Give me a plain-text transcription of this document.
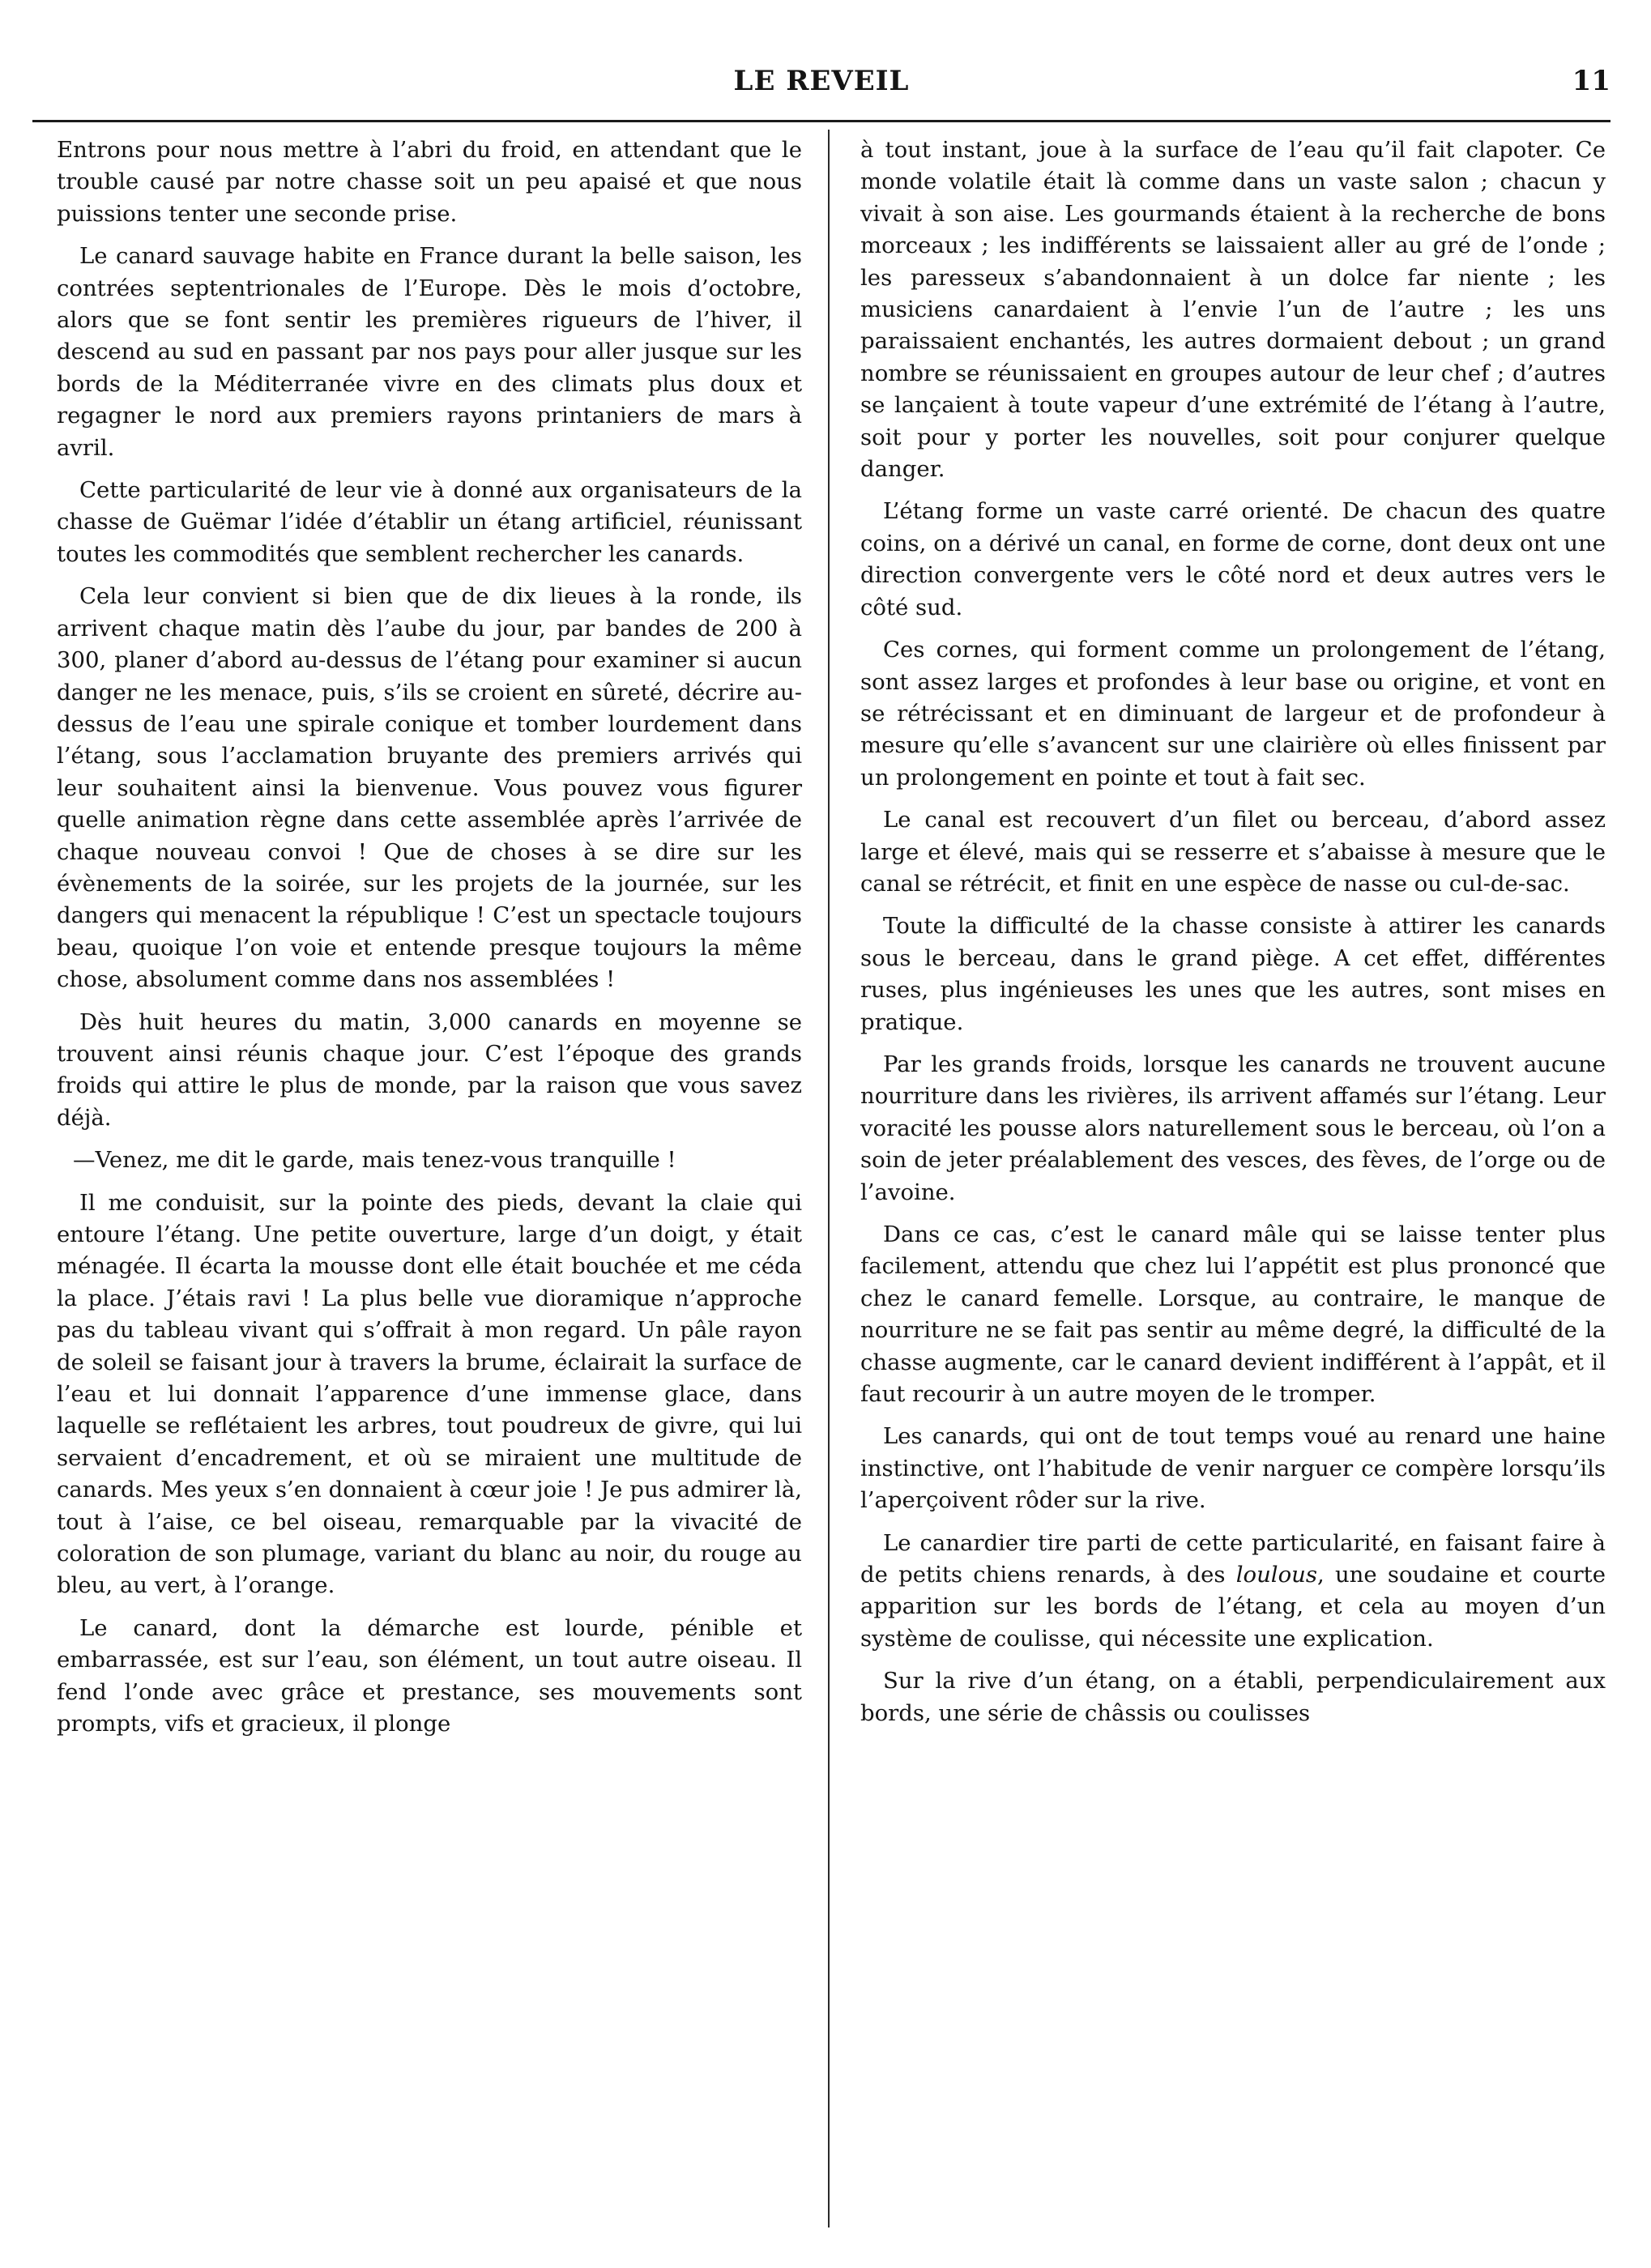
LE REVEIL	11

Entrons pour nous mettre à l’abri du froid, en attendant que le trouble causé par notre chasse soit un peu apaisé et que nous puissions tenter une seconde prise.

Le canard sauvage habite en France durant la belle saison, les contrées septentrionales de l’Europe. Dès le mois d’octobre, alors que se font sentir les premières rigueurs de l’hiver, il descend au sud en passant par nos pays pour aller jusque sur les bords de la Méditerranée vivre en des climats plus doux et regagner le nord aux premiers rayons printaniers de mars à avril.

Cette particularité de leur vie à donné aux organisateurs de la chasse de Guëmar l’idée d’établir un étang artificiel, réunissant toutes les commodités que semblent rechercher les canards.

Cela leur convient si bien que de dix lieues à la ronde, ils arrivent chaque matin dès l’aube du jour, par bandes de 200 à 300, planer d’abord au-dessus de l’étang pour examiner si aucun danger ne les menace, puis, s’ils se croient en sûreté, décrire au-dessus de l’eau une spirale conique et tomber lourdement dans l’étang, sous l’acclamation bruyante des premiers arrivés qui leur souhaitent ainsi la bienvenue. Vous pouvez vous figurer quelle animation règne dans cette assemblée après l’arrivée de chaque nouveau convoi ! Que de choses à se dire sur les évènements de la soirée, sur les projets de la journée, sur les dangers qui menacent la république ! C’est un spectacle toujours beau, quoique l’on voie et entende presque toujours la même chose, absolument comme dans nos assemblées !

Dès huit heures du matin, 3,000 canards en moyenne se trouvent ainsi réunis chaque jour. C’est l’époque des grands froids qui attire le plus de monde, par la raison que vous savez déjà.

—Venez, me dit le garde, mais tenez-vous tranquille !

Il me conduisit, sur la pointe des pieds, devant la claie qui entoure l’étang. Une petite ouverture, large d’un doigt, y était ménagée. Il écarta la mousse dont elle était bouchée et me céda la place. J’étais ravi ! La plus belle vue dioramique n’approche pas du tableau vivant qui s’offrait à mon regard. Un pâle rayon de soleil se faisant jour à travers la brume, éclairait la surface de l’eau et lui donnait l’apparence d’une immense glace, dans laquelle se reflétaient les arbres, tout poudreux de givre, qui lui servaient d’encadrement, et où se miraient une multitude de canards. Mes yeux s’en donnaient à cœur joie ! Je pus admirer là, tout à l’aise, ce bel oiseau, remarquable par la vivacité de coloration de son plumage, variant du blanc au noir, du rouge au bleu, au vert, à l’orange.

Le canard, dont la démarche est lourde, pénible et embarrassée, est sur l’eau, son élément, un tout autre oiseau. Il fend l’onde avec grâce et prestance, ses mouvements sont prompts, vifs et gracieux, il plonge

à tout instant, joue à la surface de l’eau qu’il fait clapoter. Ce monde volatile était là comme dans un vaste salon ; chacun y vivait à son aise. Les gourmands étaient à la recherche de bons morceaux ; les indifférents se laissaient aller au gré de l’onde ; les paresseux s’abandonnaient à un dolce far niente ; les musiciens canardaient à l’envie l’un de l’autre ; les uns paraissaient enchantés, les autres dormaient debout ; un grand nombre se réunissaient en groupes autour de leur chef ; d’autres se lançaient à toute vapeur d’une extrémité de l’étang à l’autre, soit pour y porter les nouvelles, soit pour conjurer quelque danger.

L’étang forme un vaste carré orienté. De chacun des quatre coins, on a dérivé un canal, en forme de corne, dont deux ont une direction convergente vers le côté nord et deux autres vers le côté sud.

Ces cornes, qui forment comme un prolongement de l’étang, sont assez larges et profondes à leur base ou origine, et vont en se rétrécissant et en diminuant de largeur et de profondeur à mesure qu’elle s’avancent sur une clairière où elles finissent par un prolongement en pointe et tout à fait sec.

Le canal est recouvert d’un filet ou berceau, d’abord assez large et élevé, mais qui se resserre et s’abaisse à mesure que le canal se rétrécit, et finit en une espèce de nasse ou cul-de-sac.

Toute la difficulté de la chasse consiste à attirer les canards sous le berceau, dans le grand piège. A cet effet, différentes ruses, plus ingénieuses les unes que les autres, sont mises en pratique.

Par les grands froids, lorsque les canards ne trouvent aucune nourriture dans les rivières, ils arrivent affamés sur l’étang. Leur voracité les pousse alors naturellement sous le berceau, où l’on a soin de jeter préalablement des vesces, des fèves, de l’orge ou de l’avoine.

Dans ce cas, c’est le canard mâle qui se laisse tenter plus facilement, attendu que chez lui l’appétit est plus prononcé que chez le canard femelle. Lorsque, au contraire, le manque de nourriture ne se fait pas sentir au même degré, la difficulté de la chasse augmente, car le canard devient indifférent à l’appât, et il faut recourir à un autre moyen de le tromper.

Les canards, qui ont de tout temps voué au renard une haine instinctive, ont l’habitude de venir narguer ce compère lorsqu’ils l’aperçoivent rôder sur la rive.

Le canardier tire parti de cette particularité, en faisant faire à de petits chiens renards, à des loulous, une soudaine et courte apparition sur les bords de l’étang, et cela au moyen d’un système de coulisse, qui nécessite une explication.

Sur la rive d’un étang, on a établi, perpendiculairement aux bords, une série de châssis ou coulisses
